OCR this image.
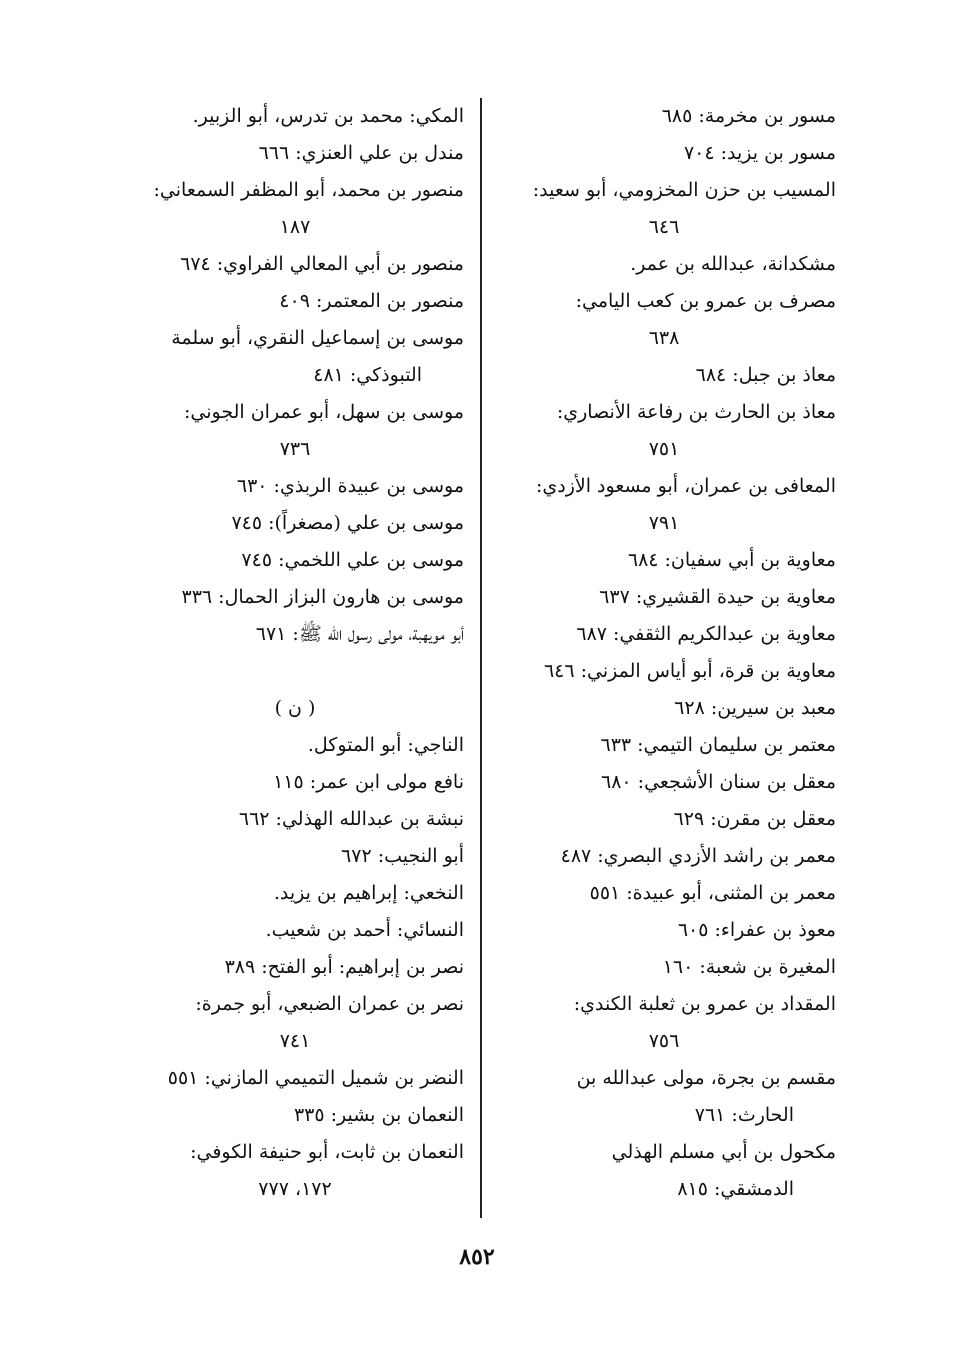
مسور بن مخرمة: ٦٨٥
مسور بن يزيد: ٧٠٤
المسيب بن حزن المخزومي، أبو سعيد:
٦٤٦
مشكدانة، عبدالله بن عمر.
مصرف بن عمرو بن كعب اليامي:
٦٣٨
معاذ بن جبل: ٦٨٤
معاذ بن الحارث بن رفاعة الأنصاري:
٧٥١
المعافى بن عمران، أبو مسعود الأزدي:
٧٩١
معاوية بن أبي سفيان: ٦٨٤
معاوية بن حيدة القشيري: ٦٣٧
معاوية بن عبدالكريم الثقفي: ٦٨٧
معاوية بن قرة، أبو أياس المزني: ٦٤٦
معبد بن سيرين: ٦٢٨
معتمر بن سليمان التيمي: ٦٣٣
معقل بن سنان الأشجعي: ٦٨٠
معقل بن مقرن: ٦٢٩
معمر بن راشد الأزدي البصري: ٤٨٧
معمر بن المثنى، أبو عبيدة: ٥٥١
معوذ بن عفراء: ٦٠٥
المغيرة بن شعبة: ١٦٠
المقداد بن عمرو بن ثعلبة الكندي:
٧٥٦
مقسم بن بجرة، مولى عبدالله بن
الحارث: ٧٦١
مكحول بن أبي مسلم الهذلي
الدمشقي: ٨١٥
المكي: محمد بن تدرس، أبو الزبير.
مندل بن علي العنزي: ٦٦٦
منصور بن محمد، أبو المظفر السمعاني:
١٨٧
منصور بن أبي المعالي الفراوي: ٦٧٤
منصور بن المعتمر: ٤٠٩
موسى بن إسماعيل النقري، أبو سلمة
التبوذكي: ٤٨١
موسى بن سهل، أبو عمران الجوني:
٧٣٦
موسى بن عبيدة الربذي: ٦٣٠
موسى بن علي (مصغراً): ٧٤٥
موسى بن علي اللخمي: ٧٤٥
موسى بن هارون البزاز الحمال: ٣٣٦
أبو مويهبة، مولى رسول الله ﷺ: ٦٧١
( ن )
الناجي: أبو المتوكل.
نافع مولى ابن عمر: ١١٥
نبشة بن عبدالله الهذلي: ٦٦٢
أبو النجيب: ٦٧٢
النخعي: إبراهيم بن يزيد.
النسائي: أحمد بن شعيب.
نصر بن إبراهيم: أبو الفتح: ٣٨٩
نصر بن عمران الضبعي، أبو جمرة:
٧٤١
النضر بن شميل التميمي المازني: ٥٥١
النعمان بن بشير: ٣٣٥
النعمان بن ثابت، أبو حنيفة الكوفي:
١٧٢، ٧٧٧
٨٥٢
